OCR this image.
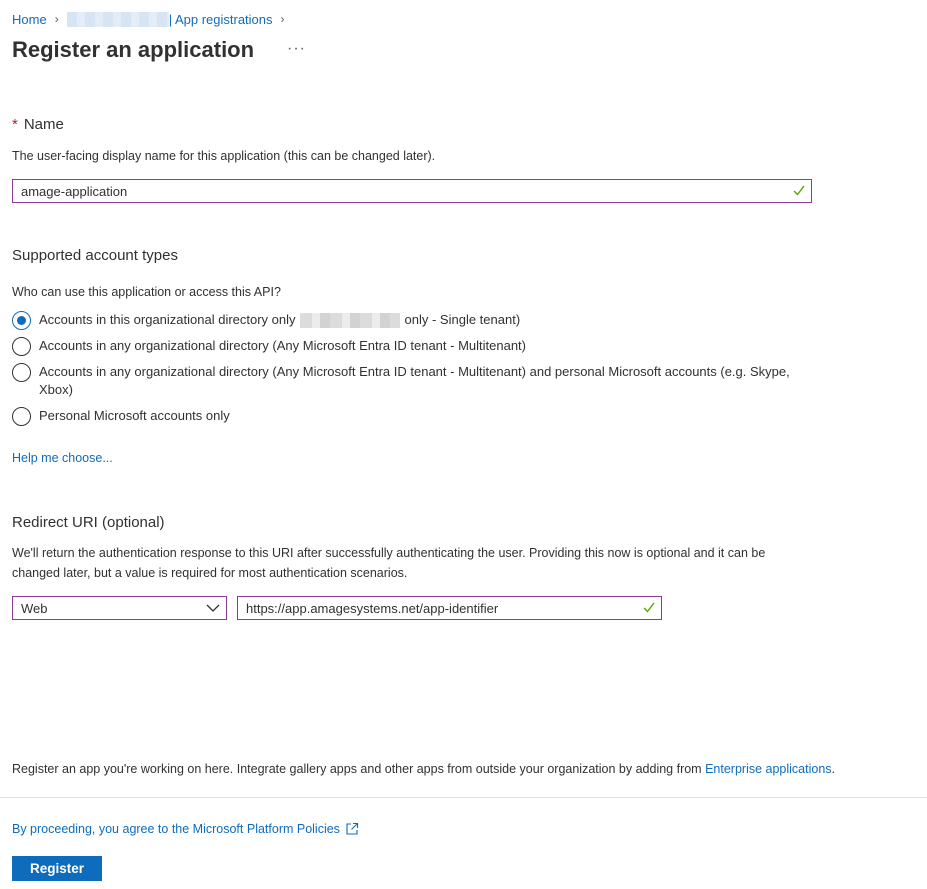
Home ›	| App registrations ›
Register an application ···
* Name
The user-facing display name for this application (this can be changed later).
amage-application
Supported account types
Who can use this application or access this API?
Accounts in this organizational directory only	only - Single tenant)
Accounts in any organizational directory (Any Microsoft Entra ID tenant - Multitenant)
Accounts in any organizational directory (Any Microsoft Entra ID tenant - Multitenant) and personal Microsoft accounts (e.g. Skype, Xbox)
Personal Microsoft accounts only
Help me choose...
Redirect URI (optional)
We'll return the authentication response to this URI after successfully authenticating the user. Providing this now is optional and it can be changed later, but a value is required for most authentication scenarios.
Web	https://app.amagesystems.net/app-identifier
Register an app you're working on here. Integrate gallery apps and other apps from outside your organization by adding from Enterprise applications.
By proceeding, you agree to the Microsoft Platform Policies
Register
